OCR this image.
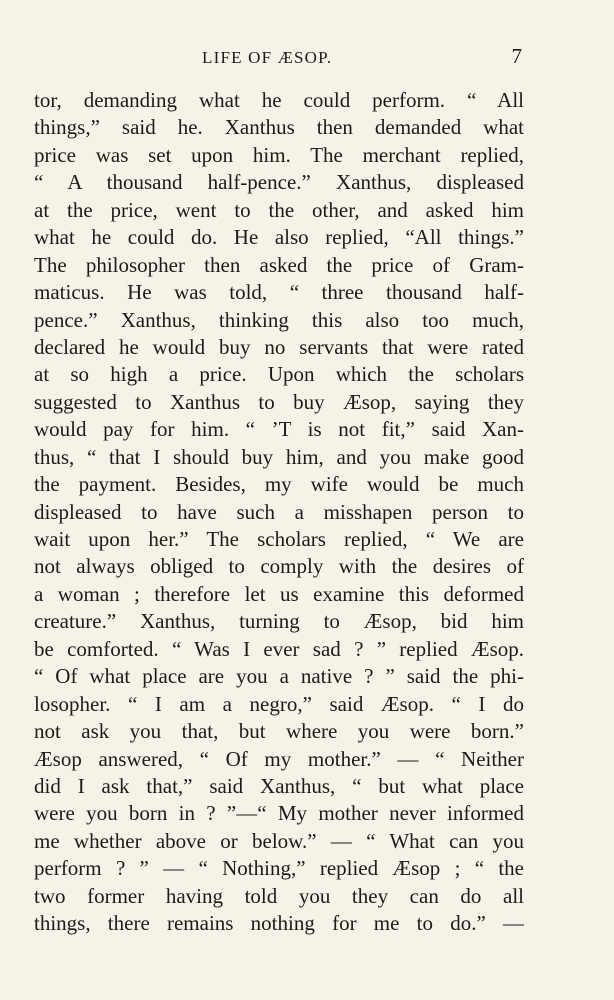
LIFE OF ÆSOP.	7
tor, demanding what he could perform. “ All
things,” said he. Xanthus then demanded what
price was set upon him. The merchant replied,
“ A thousand half-pence.” Xanthus, displeased
at the price, went to the other, and asked him
what he could do. He also replied, “All things.”
The philosopher then asked the price of Gram-
maticus. He was told, “ three thousand half-
pence.” Xanthus, thinking this also too much,
declared he would buy no servants that were rated
at so high a price. Upon which the scholars
suggested to Xanthus to buy Æsop, saying they
would pay for him. “ ’T is not fit,” said Xan-
thus, “ that I should buy him, and you make good
the payment. Besides, my wife would be much
displeased to have such a misshapen person to
wait upon her.” The scholars replied, “ We are
not always obliged to comply with the desires of
a woman ; therefore let us examine this deformed
creature.” Xanthus, turning to Æsop, bid him
be comforted. “ Was I ever sad ? ” replied Æsop.
“ Of what place are you a native ? ” said the phi-
losopher. “ I am a negro,” said Æsop. “ I do
not ask you that, but where you were born.”
Æsop answered, “ Of my mother.” — “ Neither
did I ask that,” said Xanthus, “ but what place
were you born in ? ”—“ My mother never informed
me whether above or below.” — “ What can you
perform ? ” — “ Nothing,” replied Æsop ; “ the
two former having told you they can do all
things, there remains nothing for me to do.” —
